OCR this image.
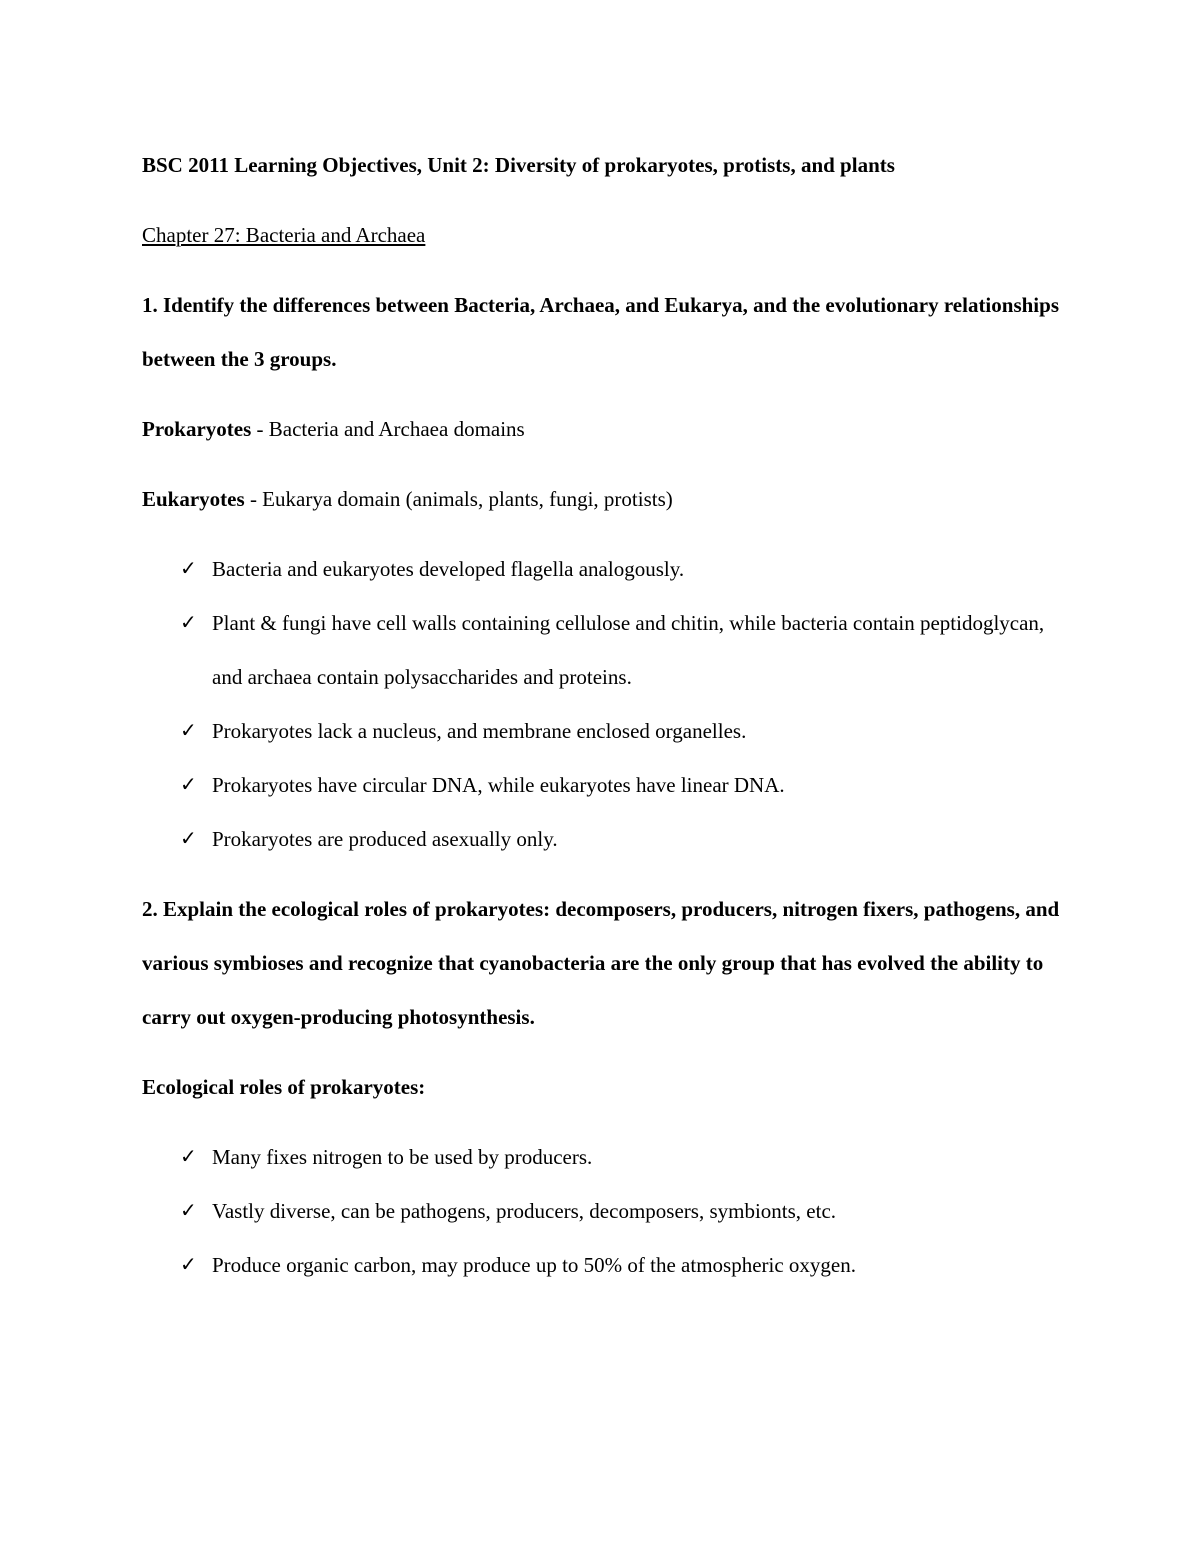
BSC 2011 Learning Objectives, Unit 2: Diversity of prokaryotes, protists, and plants

Chapter 27: Bacteria and Archaea

1. Identify the differences between Bacteria, Archaea, and Eukarya, and the evolutionary relationships between the 3 groups.

Prokaryotes - Bacteria and Archaea domains

Eukaryotes - Eukarya domain (animals, plants, fungi, protists)

✓ Bacteria and eukaryotes developed flagella analogously.
✓ Plant & fungi have cell walls containing cellulose and chitin, while bacteria contain peptidoglycan, and archaea contain polysaccharides and proteins.
✓ Prokaryotes lack a nucleus, and membrane enclosed organelles.
✓ Prokaryotes have circular DNA, while eukaryotes have linear DNA.
✓ Prokaryotes are produced asexually only.

2. Explain the ecological roles of prokaryotes: decomposers, producers, nitrogen fixers, pathogens, and various symbioses and recognize that cyanobacteria are the only group that has evolved the ability to carry out oxygen-producing photosynthesis.

Ecological roles of prokaryotes:

✓ Many fixes nitrogen to be used by producers.
✓ Vastly diverse, can be pathogens, producers, decomposers, symbionts, etc.
✓ Produce organic carbon, may produce up to 50% of the atmospheric oxygen.
